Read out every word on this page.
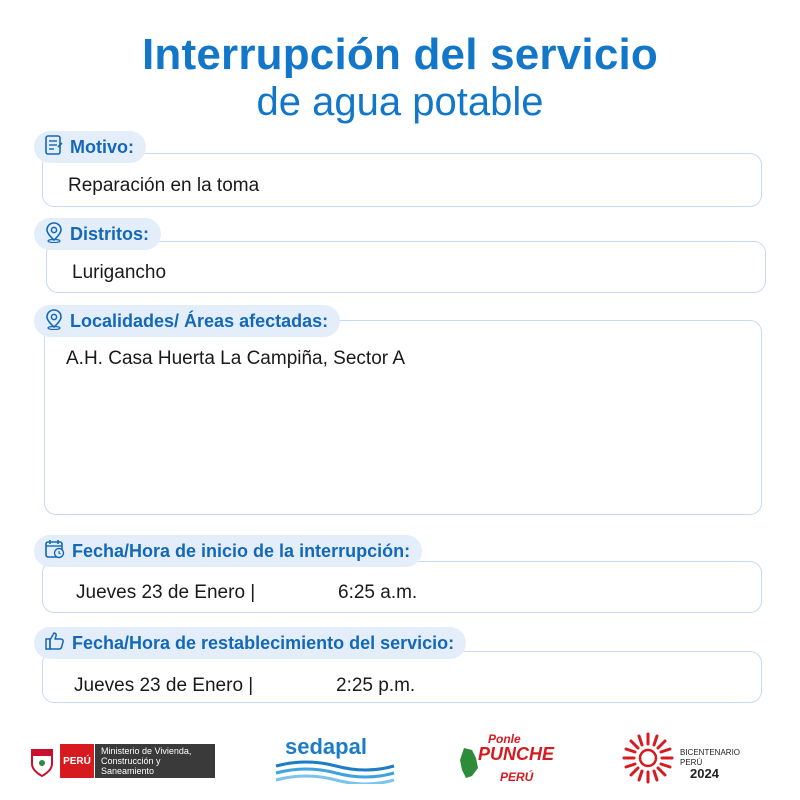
Interrupción del servicio
de agua potable
Reparación en la toma
Motivo:
Lurigancho
Distritos:
A.H. Casa Huerta La Campiña, Sector A
Localidades/ Áreas afectadas:
Jueves 23 de Enero |	6:25 a.m.
Fecha/Hora de inicio de la interrupción:
Jueves 23 de Enero |	2:25 p.m.
Fecha/Hora de restablecimiento del servicio:
PERÚ
Ministerio de Vivienda, Construcción y Saneamiento
sedapal	Ponle
PUNCHE
PERÚ
BICENTENARIO PERÚ
2024
